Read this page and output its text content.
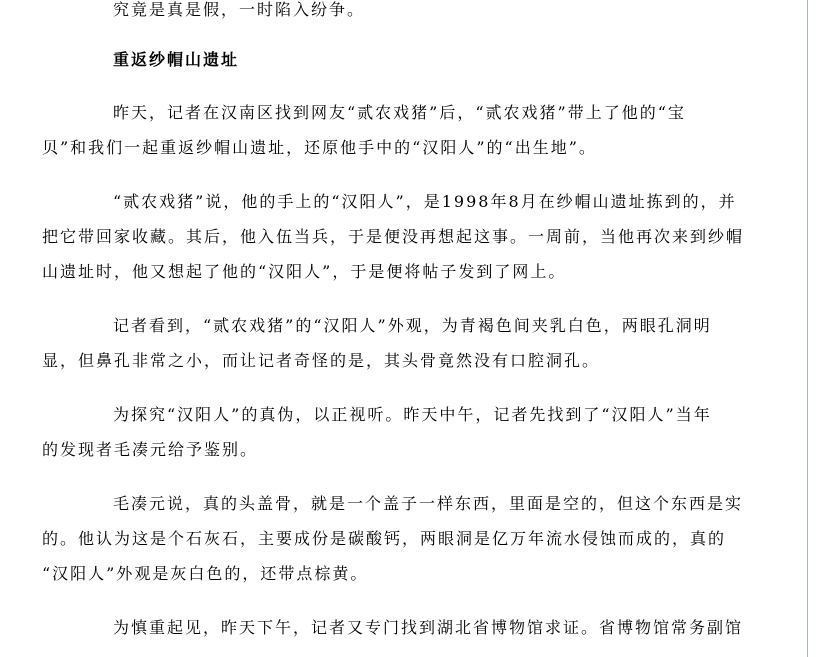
究竟是真是假，一时陷入纷争。
重返纱帽山遗址
昨天，记者在汉南区找到网友“贰农戏猪”后，“贰农戏猪”带上了他的“宝
贝”和我们一起重返纱帽山遗址，还原他手中的“汉阳人”的“出生地”。
“贰农戏猪”说，他的手上的“汉阳人”，是1998年8月在纱帽山遗址拣到的，并
把它带回家收藏。其后，他入伍当兵，于是便没再想起这事。一周前，当他再次来到纱帽
山遗址时，他又想起了他的“汉阳人”，于是便将帖子发到了网上。
记者看到，“贰农戏猪”的“汉阳人”外观，为青褐色间夹乳白色，两眼孔洞明
显，但鼻孔非常之小，而让记者奇怪的是，其头骨竟然没有口腔洞孔。
为探究“汉阳人”的真伪，以正视听。昨天中午，记者先找到了“汉阳人”当年
的发现者毛凑元给予鉴别。
毛凑元说，真的头盖骨，就是一个盖子一样东西，里面是空的，但这个东西是实
的。他认为这是个石灰石，主要成份是碳酸钙，两眼洞是亿万年流水侵蚀而成的，真的
“汉阳人”外观是灰白色的，还带点棕黄。
为慎重起见，昨天下午，记者又专门找到湖北省博物馆求证。省博物馆常务副馆
